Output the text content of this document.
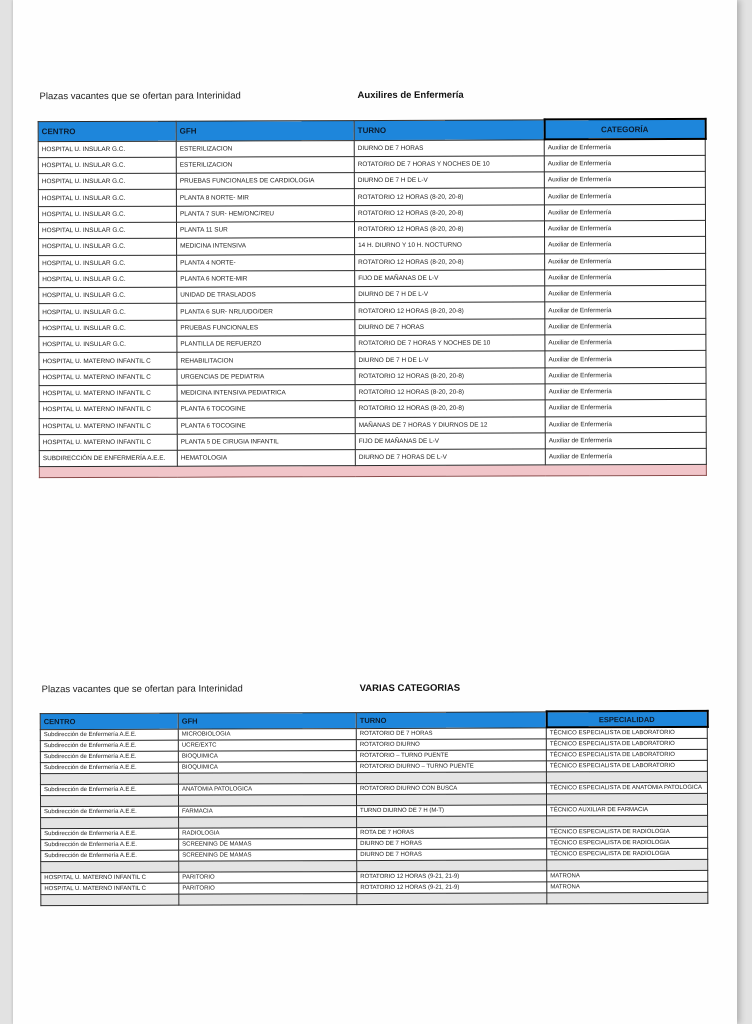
Plazas vacantes que se ofertan para Interinidad	Auxilires de Enfermería
CENTRO	GFH	TURNO	CATEGORÍA
HOSPITAL U. INSULAR G.C.	ESTERILIZACION	DIURNO DE 7 HORAS	Auxiliar de Enfermería
HOSPITAL U. INSULAR G.C.	ESTERILIZACION	ROTATORIO DE 7 HORAS Y NOCHES DE 10	Auxiliar de Enfermería
HOSPITAL U. INSULAR G.C.	PRUEBAS FUNCIONALES DE CARDIOLOGIA	DIURNO DE 7 H DE L-V	Auxiliar de Enfermería
HOSPITAL U. INSULAR G.C.	PLANTA 8 NORTE- MIR	ROTATORIO 12 HORAS (8-20, 20-8)	Auxiliar de Enfermería
HOSPITAL U. INSULAR G.C.	PLANTA 7 SUR- HEM/ONC/REU	ROTATORIO 12 HORAS (8-20, 20-8)	Auxiliar de Enfermería
HOSPITAL U. INSULAR G.C.	PLANTA 11 SUR	ROTATORIO 12 HORAS (8-20, 20-8)	Auxiliar de Enfermería
HOSPITAL U. INSULAR G.C.	MEDICINA INTENSIVA	14 H. DIURNO Y 10 H. NOCTURNO	Auxiliar de Enfermería
HOSPITAL U. INSULAR G.C.	PLANTA 4 NORTE-	ROTATORIO 12 HORAS (8-20, 20-8)	Auxiliar de Enfermería
HOSPITAL U. INSULAR G.C.	PLANTA 6 NORTE-MIR	FIJO DE MAÑANAS DE L-V	Auxiliar de Enfermería
HOSPITAL U. INSULAR G.C.	UNIDAD DE TRASLADOS	DIURNO DE 7 H DE L-V	Auxiliar de Enfermería
HOSPITAL U. INSULAR G.C.	PLANTA 6 SUR- NRL/UDO/DER	ROTATORIO 12 HORAS (8-20, 20-8)	Auxiliar de Enfermería
HOSPITAL U. INSULAR G.C.	PRUEBAS FUNCIONALES	DIURNO DE 7 HORAS	Auxiliar de Enfermería
HOSPITAL U. INSULAR G.C.	PLANTILLA DE REFUERZO	ROTATORIO DE 7 HORAS Y NOCHES DE 10	Auxiliar de Enfermería
HOSPITAL U. MATERNO INFANTIL C	REHABILITACION	DIURNO DE 7 H DE L-V	Auxiliar de Enfermería
HOSPITAL U. MATERNO INFANTIL C	URGENCIAS DE PEDIATRIA	ROTATORIO 12 HORAS (8-20, 20-8)	Auxiliar de Enfermería
HOSPITAL U. MATERNO INFANTIL C	MEDICINA INTENSIVA PEDIATRICA	ROTATORIO 12 HORAS (8-20, 20-8)	Auxiliar de Enfermería
HOSPITAL U. MATERNO INFANTIL C	PLANTA 6 TOCOGINE	ROTATORIO 12 HORAS (8-20, 20-8)	Auxiliar de Enfermería
HOSPITAL U. MATERNO INFANTIL C	PLANTA 6 TOCOGINE	MAÑANAS DE 7 HORAS Y DIURNOS DE 12	Auxiliar de Enfermería
HOSPITAL U. MATERNO INFANTIL C	PLANTA 5 DE CIRUGIA INFANTIL	FIJO DE MAÑANAS DE L-V	Auxiliar de Enfermería
SUBDIRECCIÓN DE ENFERMERÍA A.E.E.	HEMATOLOGIA	DIURNO DE 7 HORAS DE L-V	Auxiliar de Enfermería

Plazas vacantes que se ofertan para Interinidad	VARIAS CATEGORIAS
CENTRO	GFH	TURNO	ESPECIALIDAD
Subdirección de Enfermería A.E.E.	MICROBIOLOGIA	ROTATORIO DE 7 HORAS	TÉCNICO ESPECIALISTA DE LABORATORIO
Subdirección de Enfermería A.E.E.	UCRE/EXTC	ROTATORIO DIURNO	TÉCNICO ESPECIALISTA DE LABORATORIO
Subdirección de Enfermería A.E.E.	BIOQUIMICA	ROTATORIO – TURNO PUENTE	TÉCNICO ESPECIALISTA DE LABORATORIO
Subdirección de Enfermería A.E.E.	BIOQUIMICA	ROTATORIO DIURNO – TURNO PUENTE	TÉCNICO ESPECIALISTA DE LABORATORIO

Subdirección de Enfermería A.E.E.	ANATOMIA PATOLOGICA	ROTATORIO DIURNO CON BUSCA	TÉCNICO ESPECIALISTA DE ANATOMIA PATOLOGICA

Subdirección de Enfermería A.E.E.	FARMACIA	TURNO DIURNO DE 7 H (M-T)	TÉCNICO AUXILIAR DE FARMACIA

Subdirección de Enfermería A.E.E.	RADIOLOGIA	ROTA DE 7 HORAS	TÉCNICO ESPECIALISTA DE RADIOLOGIA
Subdirección de Enfermería A.E.E.	SCREENING DE MAMAS	DIURNO DE 7 HORAS	TÉCNICO ESPECIALISTA DE RADIOLOGIA
Subdirección de Enfermería A.E.E.	SCREENING DE MAMAS	DIURNO DE 7 HORAS	TÉCNICO ESPECIALISTA DE RADIOLOGIA

HOSPITAL U. MATERNO INFANTIL C	PARITORIO	ROTATORIO 12 HORAS (9-21, 21-9)	MATRONA
HOSPITAL U. MATERNO INFANTIL C	PARITORIO	ROTATORIO 12 HORAS (9-21, 21-9)	MATRONA
